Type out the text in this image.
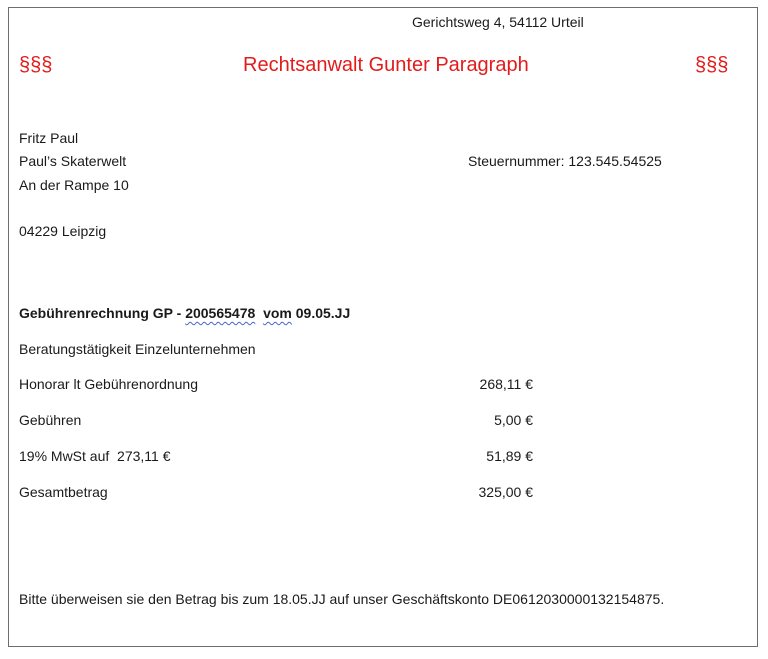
Gerichtsweg 4, 54112 Urteil
§§§	Rechtsanwalt Gunter Paragraph	§§§
Fritz Paul
Paul’s Skaterwelt	Steuernummer: 123.545.54525
An der Rampe 10
04229 Leipzig
Gebührenrechnung GP - 200565478 vom 09.05.JJ
Beratungstätigkeit Einzelunternehmen
Honorar lt Gebührenordnung	268,11 €
Gebühren	5,00 €
19% MwSt auf  273,11 €	51,89 €
Gesamtbetrag	325,00 €
Bitte überweisen sie den Betrag bis zum 18.05.JJ auf unser Geschäftskonto DE0612030000132154875.
